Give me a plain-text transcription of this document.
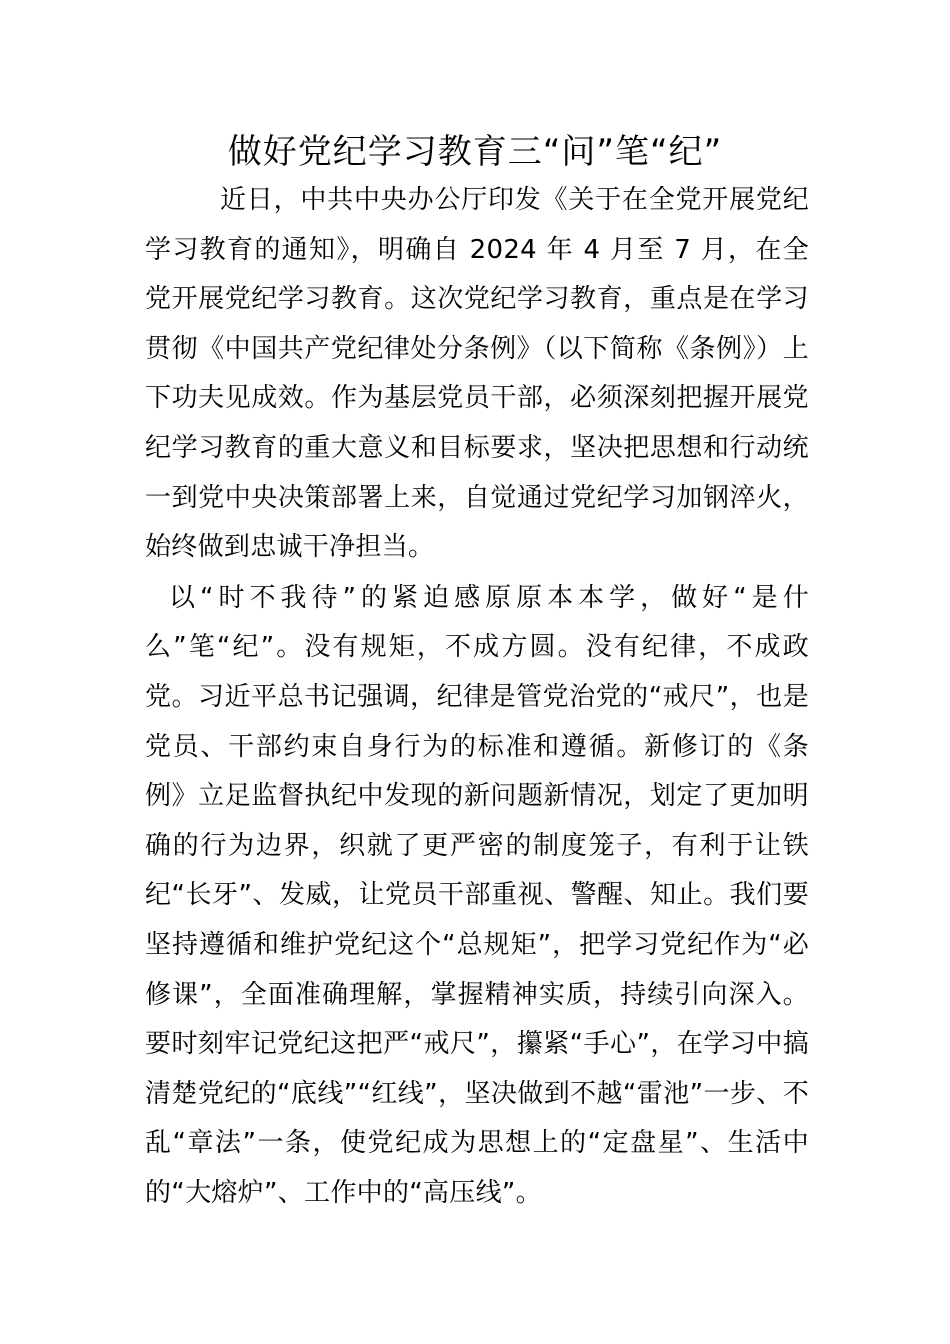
做好党纪学习教育三“问”笔“纪”

近日，中共中央办公厅印发《关于在全党开展党纪学习教育的通知》，明确自 2024 年 4 月至 7 月，在全党开展党纪学习教育。这次党纪学习教育，重点是在学习贯彻《中国共产党纪律处分条例》（以下简称《条例》）上下功夫见成效。作为基层党员干部，必须深刻把握开展党纪学习教育的重大意义和目标要求，坚决把思想和行动统一到党中央决策部署上来，自觉通过党纪学习加钢淬火，始终做到忠诚干净担当。

以“时不我待”的紧迫感原原本本学，做好“是什么”笔“纪”。没有规矩，不成方圆。没有纪律，不成政党。习近平总书记强调，纪律是管党治党的“戒尺”，也是党员、干部约束自身行为的标准和遵循。新修订的《条例》立足监督执纪中发现的新问题新情况，划定了更加明确的行为边界，织就了更严密的制度笼子，有利于让铁纪“长牙”、发威，让党员干部重视、警醒、知止。我们要坚持遵循和维护党纪这个“总规矩”，把学习党纪作为“必修课”，全面准确理解，掌握精神实质，持续引向深入。要时刻牢记党纪这把严“戒尺”，攥紧“手心”，在学习中搞清楚党纪的“底线”“红线”，坚决做到不越“雷池”一步、不乱“章法”一条，使党纪成为思想上的“定盘星”、生活中的“大熔炉”、工作中的“高压线”。
